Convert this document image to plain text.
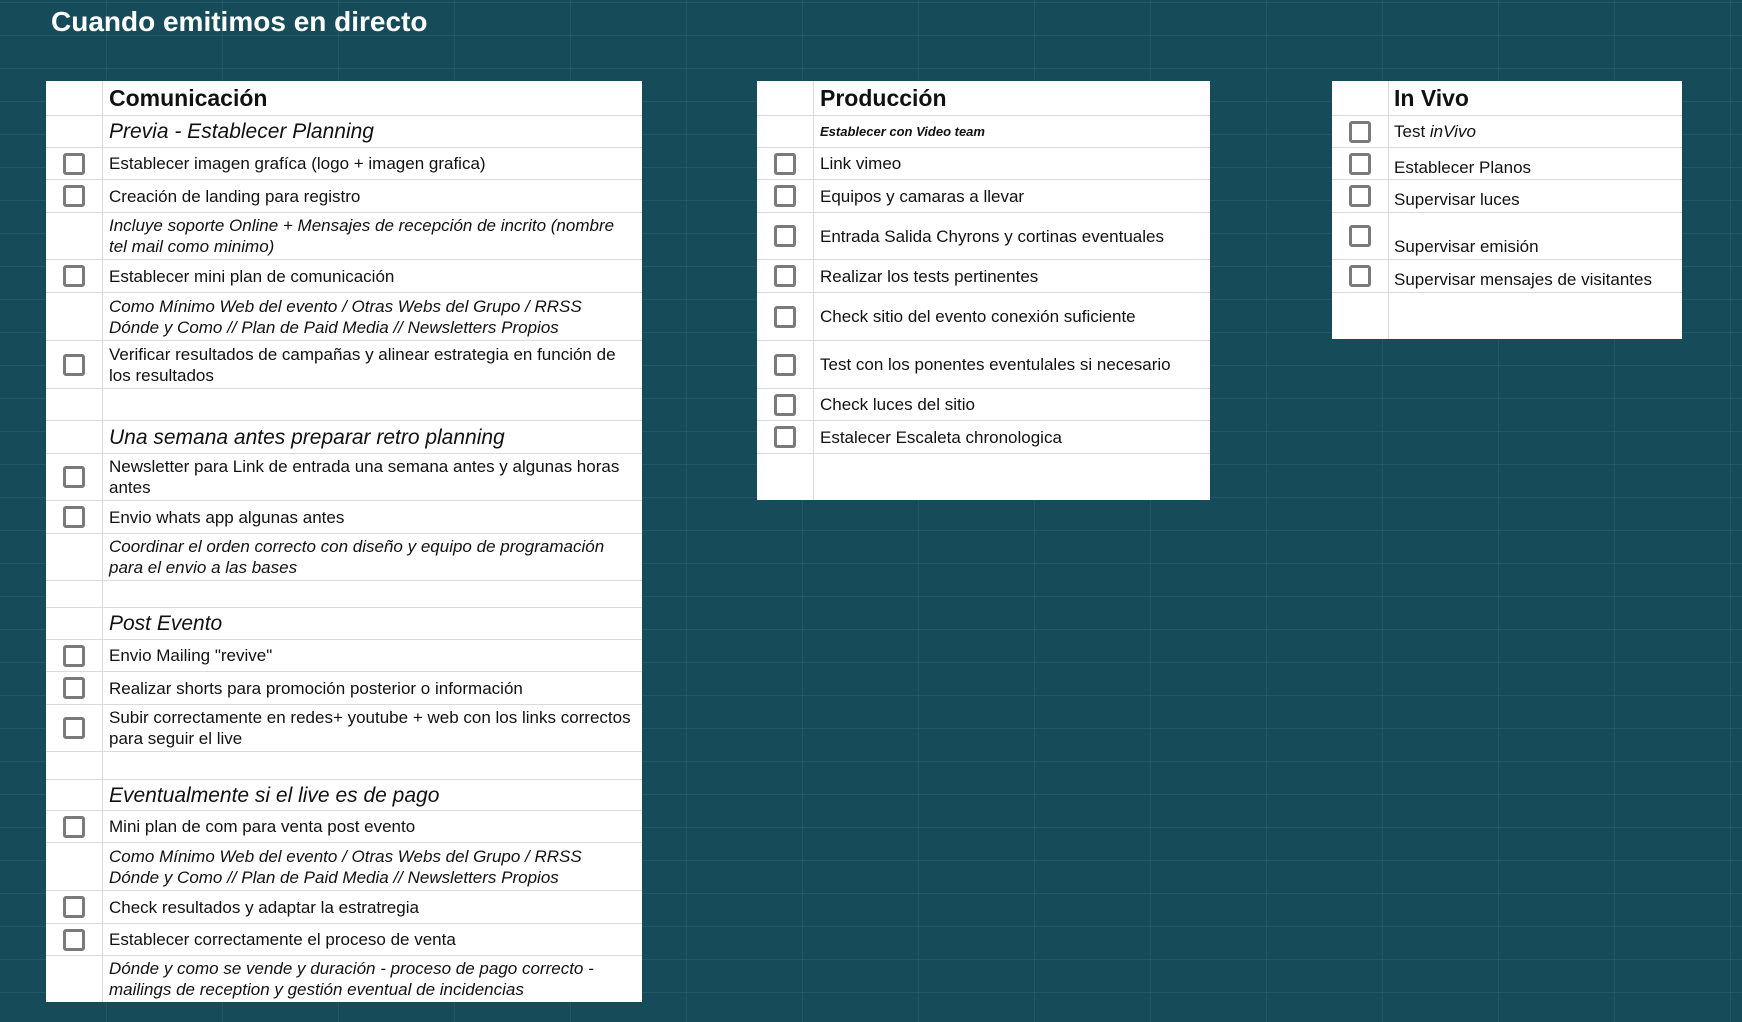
Cuando emitimos en directo
Comunicación
Previa - Establecer Planning
Establecer imagen grafíca (logo + imagen grafica)
Creación de landing para registro
Incluye soporte Online + Mensajes de recepción de incrito (nombre tel mail como minimo)
Establecer mini plan de comunicación
Como Mínimo Web del evento / Otras Webs del Grupo / RRSS Dónde y Como // Plan de Paid Media // Newsletters Propios
Verificar resultados de campañas y alinear estrategia en función de los resultados
Una semana antes preparar retro planning
Newsletter para Link de entrada una semana antes y algunas horas antes
Envio whats app algunas antes
Coordinar el orden correcto con diseño y equipo de programación para el envio a las bases
Post Evento
Envio Mailing "revive"
Realizar shorts para promoción posterior o información
Subir correctamente en redes+ youtube + web con los links correctos para seguir el live
Eventualmente si el live es de pago
Mini plan de com para venta post evento
Como Mínimo Web del evento / Otras Webs del Grupo / RRSS Dónde y Como // Plan de Paid Media // Newsletters Propios
Check resultados y adaptar la estratregia
Establecer correctamente el proceso de venta
Dónde y como se vende y duración - proceso de pago correcto - mailings de reception y gestión eventual de incidencias
Producción
Establecer con Video team
Link vimeo
Equipos y camaras a llevar
Entrada Salida Chyrons y cortinas eventuales
Realizar los tests pertinentes
Check sitio del evento conexión suficiente
Test con los ponentes eventulales si necesario
Check luces del sitio
Estalecer Escaleta chronologica
In Vivo
Test inVivo
Establecer Planos
Supervisar luces
Supervisar emisión
Supervisar mensajes de visitantes
